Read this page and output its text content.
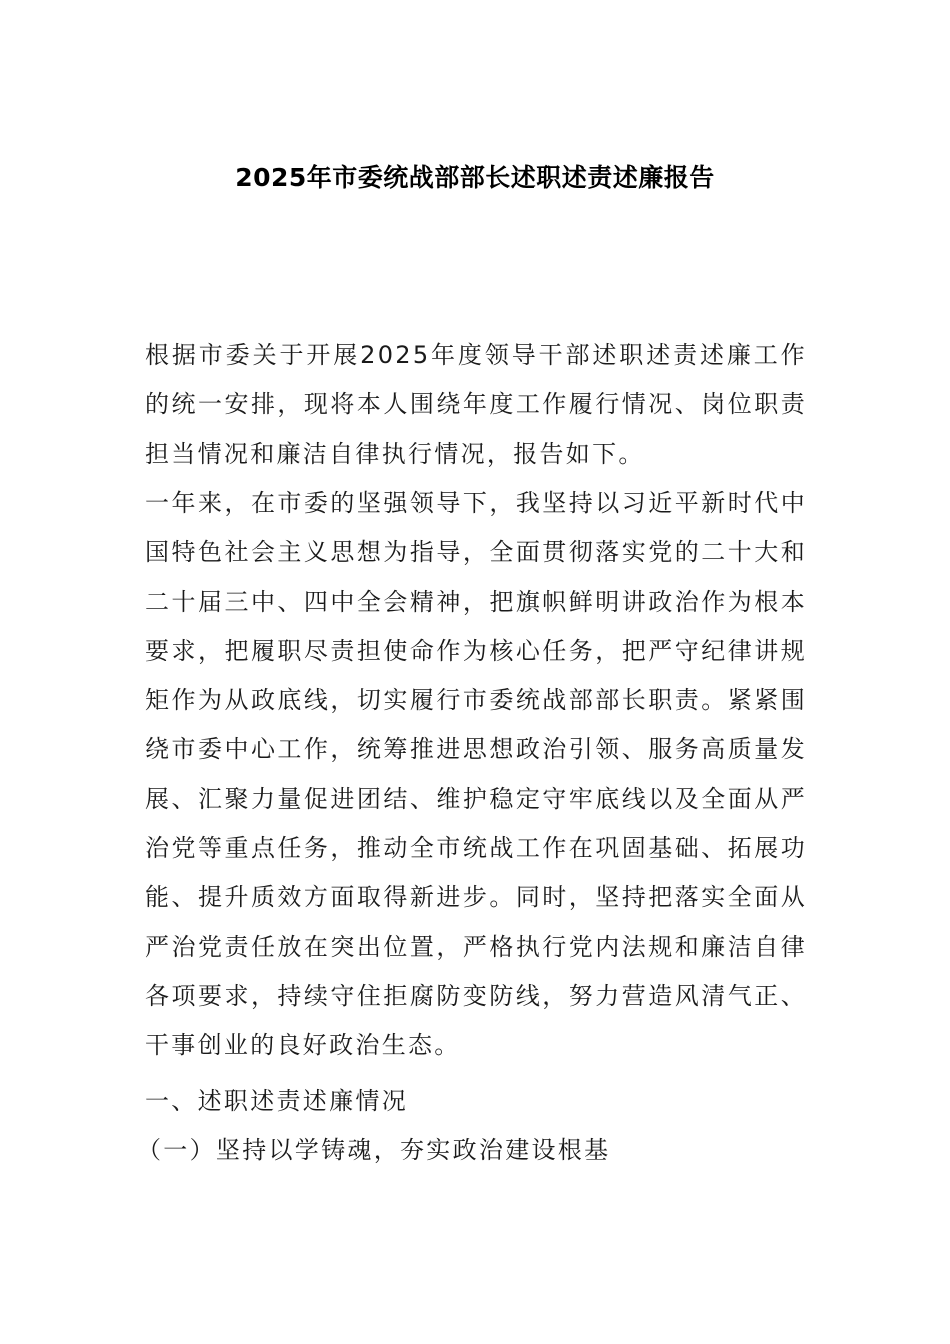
2025年市委统战部部长述职述责述廉报告

根据市委关于开展2025年度领导干部述职述责述廉工作的统一安排，现将本人围绕年度工作履行情况、岗位职责担当情况和廉洁自律执行情况，报告如下。

一年来，在市委的坚强领导下，我坚持以习近平新时代中国特色社会主义思想为指导，全面贯彻落实党的二十大和二十届三中、四中全会精神，把旗帜鲜明讲政治作为根本要求，把履职尽责担使命作为核心任务，把严守纪律讲规矩作为从政底线，切实履行市委统战部部长职责。紧紧围绕市委中心工作，统筹推进思想政治引领、服务高质量发展、汇聚力量促进团结、维护稳定守牢底线以及全面从严治党等重点任务，推动全市统战工作在巩固基础、拓展功能、提升质效方面取得新进步。同时，坚持把落实全面从严治党责任放在突出位置，严格执行党内法规和廉洁自律各项要求，持续守住拒腐防变防线，努力营造风清气正、干事创业的良好政治生态。

一、述职述责述廉情况
（一）坚持以学铸魂，夯实政治建设根基
